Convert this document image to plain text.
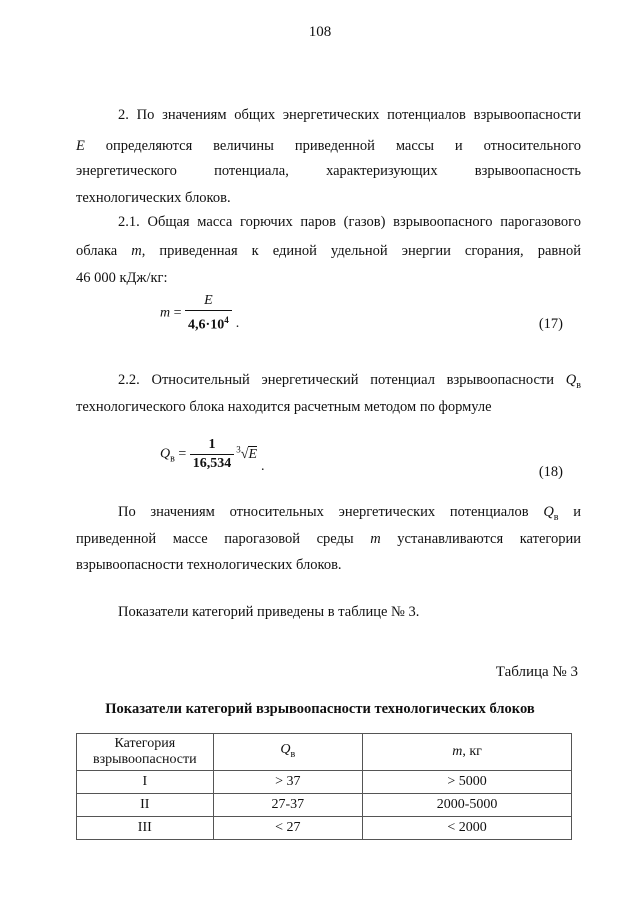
108
2. По значениям общих энергетических потенциалов взрывоопасности
E определяются величины приведенной массы и относительного
энергетического потенциала, характеризующих взрывоопасность
технологических блоков.
2.1. Общая масса горючих паров (газов) взрывоопасного парогазового
облака m, приведенная к единой удельной энергии сгорания, равной
46 000 кДж/кг:
$m = \frac{E}{4,6\cdot 10^4}$ .	(17)
2.2. Относительный энергетический потенциал взрывоопасности $Q_в$
технологического блока находится расчетным методом по формуле
$Q_в = \frac{1}{16,534} ^3√E$.	(18)
По значениям относительных энергетических потенциалов $Q_в$ и
приведенной массе парогазовой среды m устанавливаются категории
взрывоопасности технологических блоков.
Показатели категорий приведены в таблице № 3.
Таблица № 3
Показатели категорий взрывоопасности технологических блоков
Категория взрывоопасности	$Q_в$	m, кг
I	> 37	> 5000
II	27-37	2000-5000
III	< 27	< 2000
